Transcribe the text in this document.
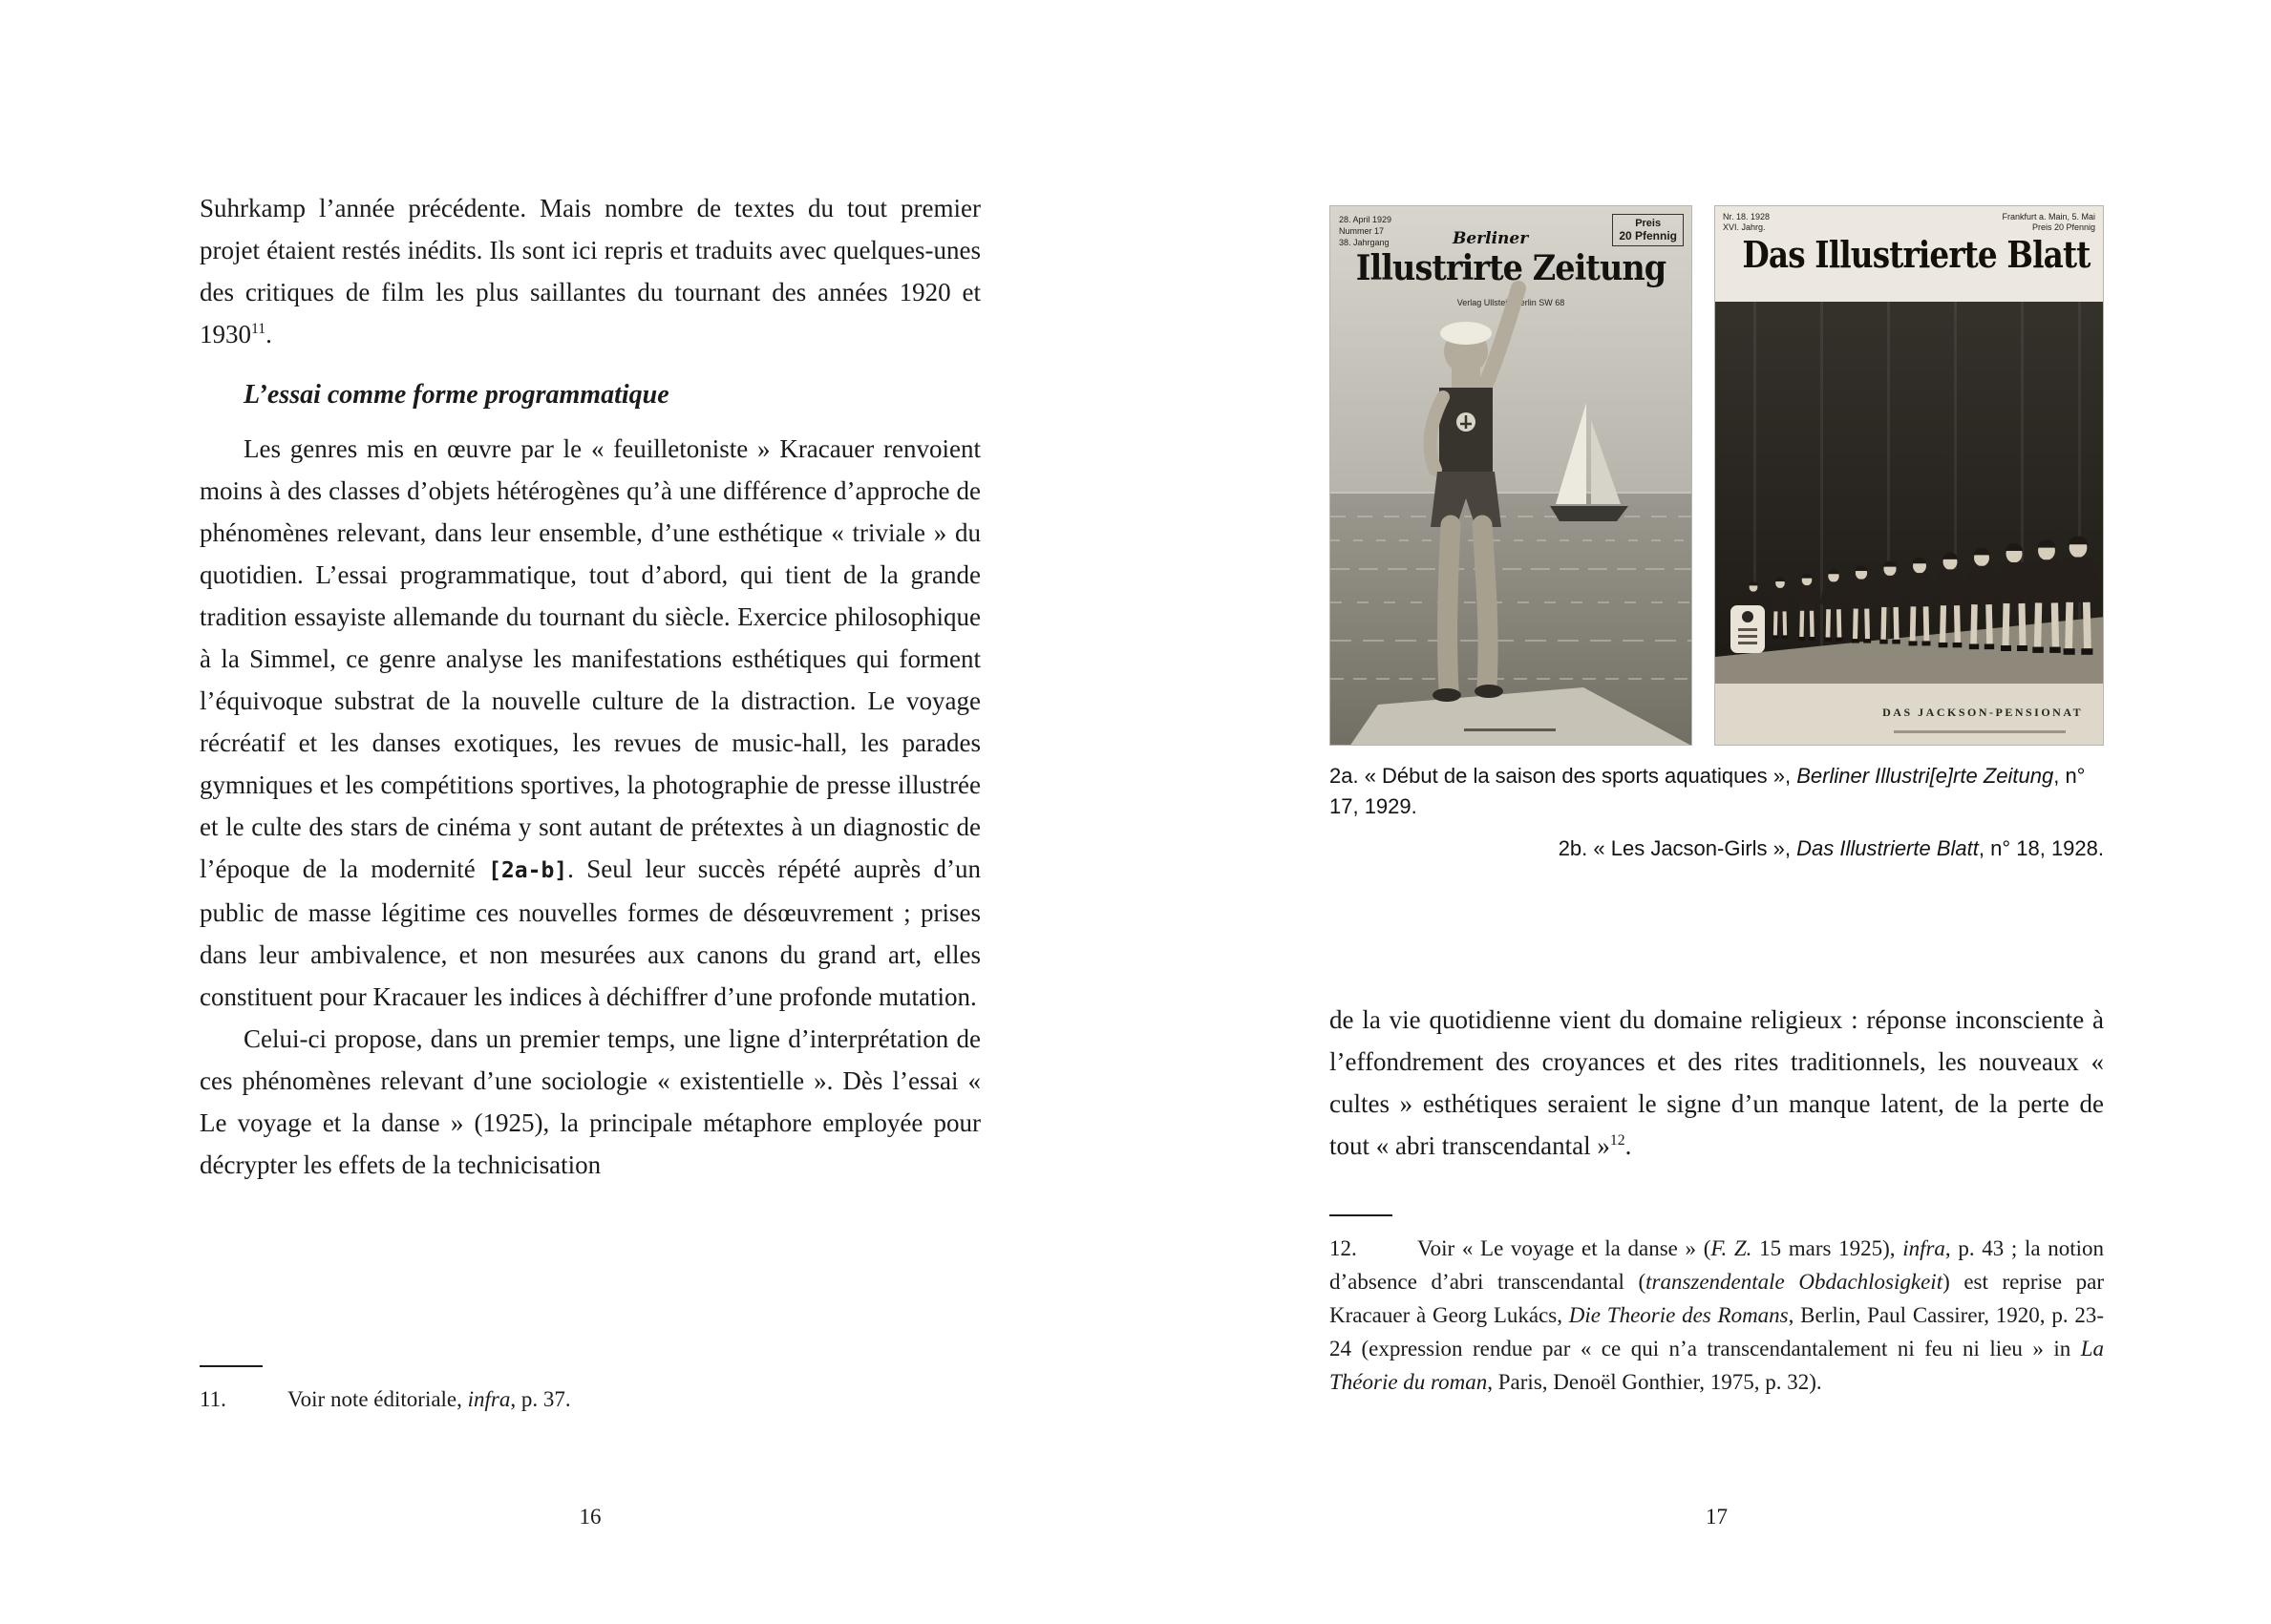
Suhrkamp l’année précédente. Mais nombre de textes du tout premier projet étaient restés inédits. Ils sont ici repris et traduits avec quelques-unes des critiques de film les plus saillantes du tournant des années 1920 et 1930$^{11}$.

L’essai comme forme programmatique

Les genres mis en œuvre par le « feuilletoniste » Kracauer renvoient moins à des classes d’objets hétérogènes qu’à une différence d’approche de phénomènes relevant, dans leur ensemble, d’une esthétique « triviale » du quotidien. L’essai programmatique, tout d’abord, qui tient de la grande tradition essayiste allemande du tournant du siècle. Exercice philosophique à la Simmel, ce genre analyse les manifestations esthétiques qui forment l’équivoque substrat de la nouvelle culture de la distraction. Le voyage récréatif et les danses exotiques, les revues de music-hall, les parades gymniques et les compétitions sportives, la photographie de presse illustrée et le culte des stars de cinéma y sont autant de prétextes à un diagnostic de l’époque de la modernité [2a-b]. Seul leur succès répété auprès d’un public de masse légitime ces nouvelles formes de désœuvrement ; prises dans leur ambivalence, et non mesurées aux canons du grand art, elles constituent pour Kracauer les indices à déchiffrer d’une profonde mutation.

Celui-ci propose, dans un premier temps, une ligne d’interprétation de ces phénomènes relevant d’une sociologie « existentielle ». Dès l’essai « Le voyage et la danse » (1925), la principale métaphore employée pour décrypter les effets de la technicisation

11.	Voir note éditoriale, infra, p. 37.

16
28. April 1929
Nummer 17
38. Jahrgang
Preis
20 Pfennig
Berliner
Illustrirte Zeitung
Verlag Ullstein Berlin SW 68
Nr. 18. 1928
XVI. Jahrg.
Frankfurt a. Main, 5. Mai
Preis 20 Pfennig
Das Illustrierte Blatt
DAS JACKSON-PENSIONAT
2a. « Début de la saison des sports aquatiques », Berliner Illustri[e]rte Zeitung, n° 17, 1929.
2b. « Les Jacson-Girls », Das Illustrierte Blatt, n° 18, 1928.

de la vie quotidienne vient du domaine religieux : réponse inconsciente à l’effondrement des croyances et des rites traditionnels, les nouveaux « cultes » esthétiques seraient le signe d’un manque latent, de la perte de tout « abri transcendantal »$^{12}$.

12.	Voir « Le voyage et la danse » (F. Z. 15 mars 1925), infra, p. 43 ; la notion d’absence d’abri transcendantal (transzendentale Obdachlosigkeit) est reprise par Kracauer à Georg Lukács, Die Theorie des Romans, Berlin, Paul Cassirer, 1920, p. 23-24 (expression rendue par « ce qui n’a transcendantalement ni feu ni lieu » in La Théorie du roman, Paris, Denoël Gonthier, 1975, p. 32).

17
